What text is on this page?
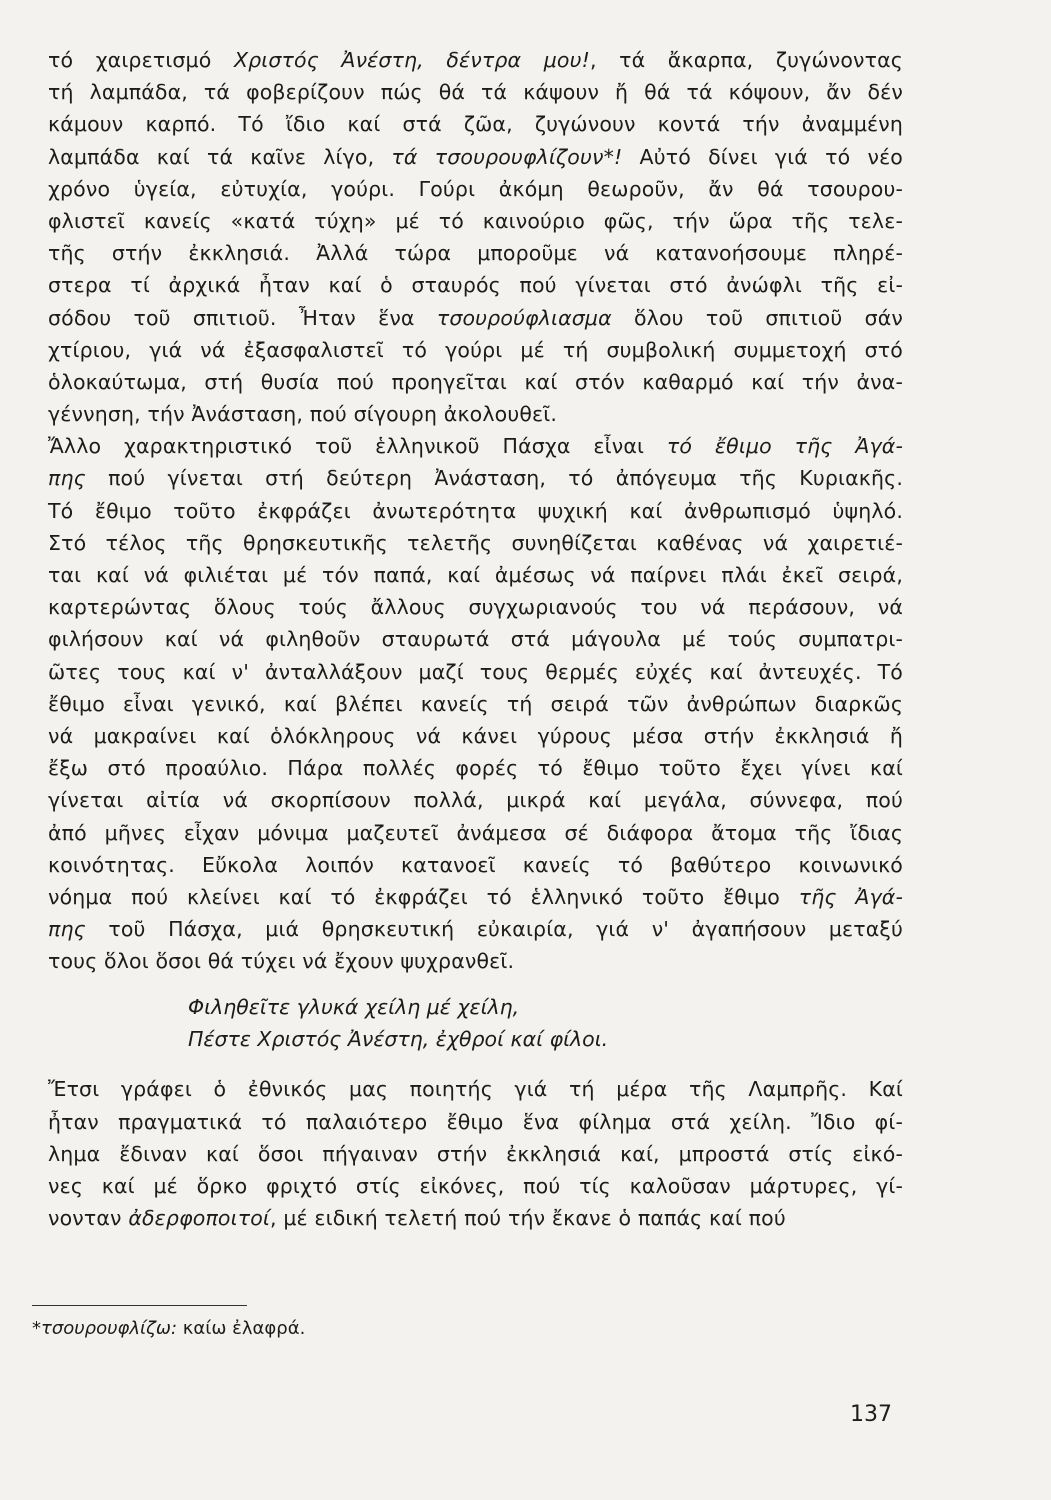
τό χαιρετισμό Χριστός Ἀνέστη, δέντρα μου!, τά ἄκαρπα, ζυγώνοντας
τή λαμπάδα, τά φοβερίζουν πώς θά τά κάψουν ἤ θά τά κόψουν, ἄν δέν
κάμουν καρπό. Τό ἴδιο καί στά ζῶα, ζυγώνουν κοντά τήν ἀναμμένη
λαμπάδα καί τά καῖνε λίγο, τά τσουρουφλίζουν*! Αὐτό δίνει γιά τό νέο
χρόνο ὑγεία, εὐτυχία, γούρι. Γούρι ἀκόμη θεωροῦν, ἄν θά τσουρου-
φλιστεῖ κανείς «κατά τύχη» μέ τό καινούριο φῶς, τήν ὥρα τῆς τελε-
τῆς στήν ἐκκλησιά. Ἀλλά τώρα μποροῦμε νά κατανοήσουμε πληρέ-
στερα τί ἀρχικά ἦταν καί ὁ σταυρός πού γίνεται στό ἀνώφλι τῆς εἰ-
σόδου τοῦ σπιτιοῦ. Ἦταν ἕνα τσουρούφλιασμα ὅλου τοῦ σπιτιοῦ σάν
χτίριου, γιά νά ἐξασφαλιστεῖ τό γούρι μέ τή συμβολική συμμετοχή στό
ὁλοκαύτωμα, στή θυσία πού προηγεῖται καί στόν καθαρμό καί τήν ἀνα-
γέννηση, τήν Ἀνάσταση, πού σίγουρη ἀκολουθεῖ.
Ἄλλο χαρακτηριστικό τοῦ ἑλληνικοῦ Πάσχα εἶναι τό ἔθιμο τῆς Ἀγά-
πης πού γίνεται στή δεύτερη Ἀνάσταση, τό ἀπόγευμα τῆς Κυριακῆς.
Τό ἔθιμο τοῦτο ἐκφράζει ἀνωτερότητα ψυχική καί ἀνθρωπισμό ὑψηλό.
Στό τέλος τῆς θρησκευτικῆς τελετῆς συνηθίζεται καθένας νά χαιρετιέ-
ται καί νά φιλιέται μέ τόν παπά, καί ἀμέσως νά παίρνει πλάι ἐκεῖ σειρά,
καρτερώντας ὅλους τούς ἄλλους συγχωριανούς του νά περάσουν, νά
φιλήσουν καί νά φιληθοῦν σταυρωτά στά μάγουλα μέ τούς συμπατρι-
ῶτες τους καί ν' ἀνταλλάξουν μαζί τους θερμές εὐχές καί ἀντευχές. Τό
ἔθιμο εἶναι γενικό, καί βλέπει κανείς τή σειρά τῶν ἀνθρώπων διαρκῶς
νά μακραίνει καί ὁλόκληρους νά κάνει γύρους μέσα στήν ἐκκλησιά ἤ
ἔξω στό προαύλιο. Πάρα πολλές φορές τό ἔθιμο τοῦτο ἔχει γίνει καί
γίνεται αἰτία νά σκορπίσουν πολλά, μικρά καί μεγάλα, σύννεφα, πού
ἀπό μῆνες εἶχαν μόνιμα μαζευτεῖ ἀνάμεσα σέ διάφορα ἄτομα τῆς ἴδιας
κοινότητας. Εὔκολα λοιπόν κατανοεῖ κανείς τό βαθύτερο κοινωνικό
νόημα πού κλείνει καί τό ἐκφράζει τό ἑλληνικό τοῦτο ἔθιμο τῆς Ἀγά-
πης τοῦ Πάσχα, μιά θρησκευτική εὐκαιρία, γιά ν' ἀγαπήσουν μεταξύ
τους ὅλοι ὅσοι θά τύχει νά ἔχουν ψυχρανθεῖ.
Φιληθεῖτε γλυκά χείλη μέ χείλη,
Πέστε Χριστός Ἀνέστη, ἐχθροί καί φίλοι.
Ἔτσι γράφει ὁ ἐθνικός μας ποιητής γιά τή μέρα τῆς Λαμπρῆς. Καί
ἦταν πραγματικά τό παλαιότερο ἔθιμο ἕνα φίλημα στά χείλη. Ἴδιο φί-
λημα ἔδιναν καί ὅσοι πήγαιναν στήν ἐκκλησιά καί, μπροστά στίς εἰκό-
νες καί μέ ὅρκο φριχτό στίς εἰκόνες, πού τίς καλοῦσαν μάρτυρες, γί-
νονταν ἀδερφοποιτοί, μέ ειδική τελετή πού τήν ἔκανε ὁ παπάς καί πού
*τσουρουφλίζω: καίω ἐλαφρά.
137
